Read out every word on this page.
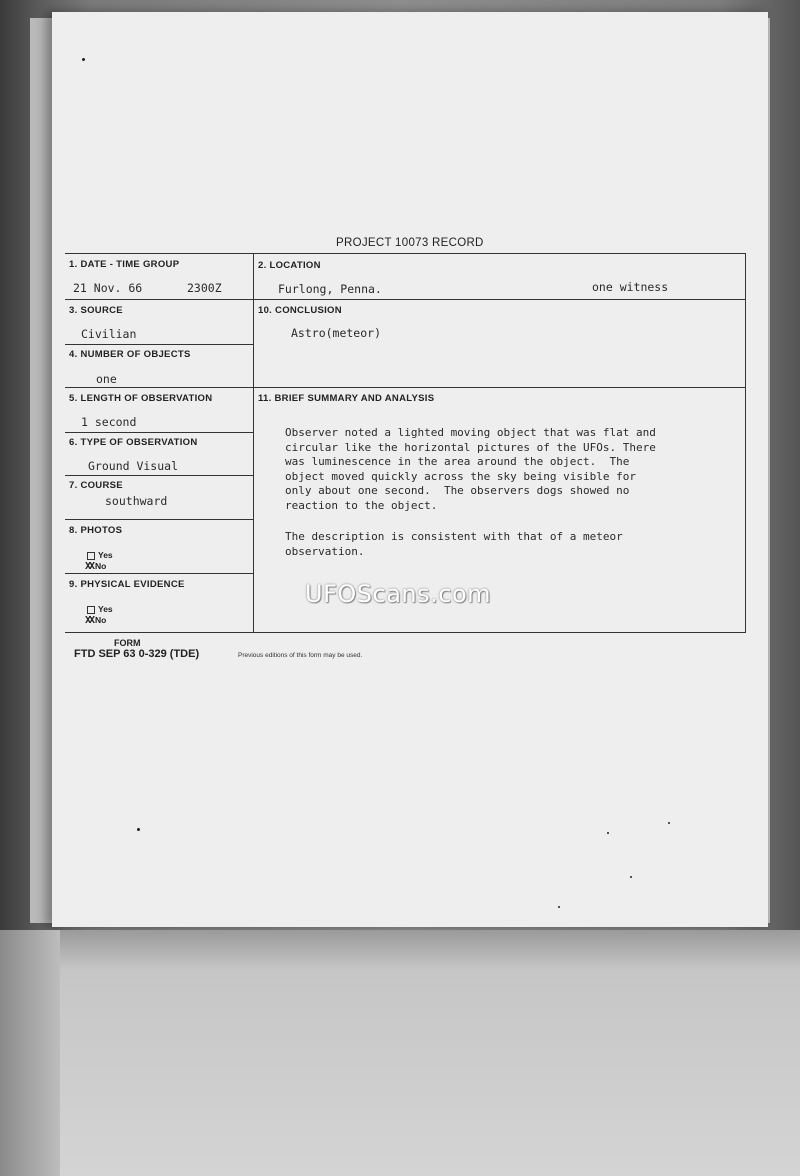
PROJECT 10073 RECORD
1. DATE - TIME GROUP
21 Nov. 66	2300Z
2. LOCATION
Furlong, Penna.	one witness
3. SOURCE
Civilian
10. CONCLUSION
Astro(meteor)
4. NUMBER OF OBJECTS
one
5. LENGTH OF OBSERVATION
1 second
11. BRIEF SUMMARY AND ANALYSIS
Observer noted a lighted moving object that was flat and
circular like the horizontal pictures of the UFOs. There
was luminescence in the area around the object.  The
object moved quickly across the sky being visible for
only about one second.  The observers dogs showed no
reaction to the object.
The description is consistent with that of a meteor
observation.
6. TYPE OF OBSERVATION
Ground Visual
7. COURSE
southward
8. PHOTOS
Yes
XX No
9. PHYSICAL EVIDENCE
Yes
XX No
FORM
FTD SEP 63 0-329 (TDE)	Previous editions of this form may be used.
UFOScans.com
